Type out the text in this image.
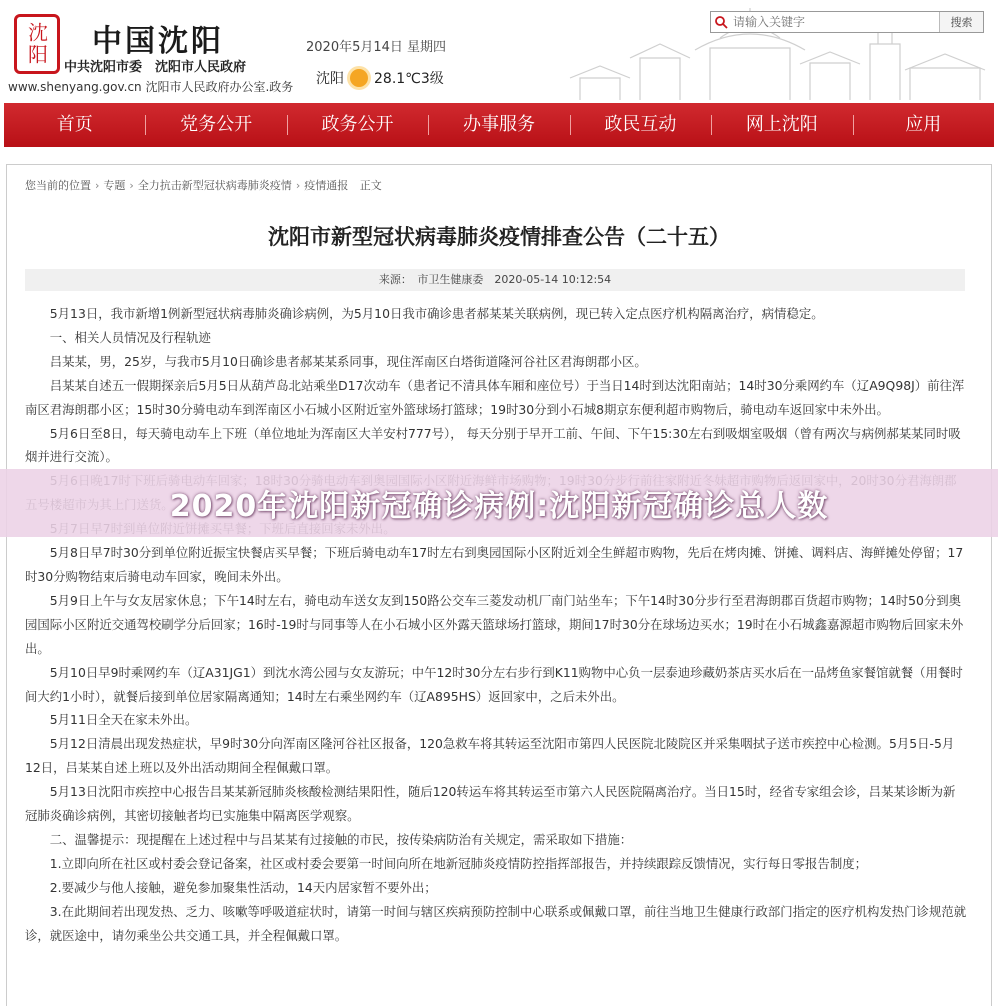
沈阳 中国沈阳
中共沈阳市委　沈阳市人民政府
www.shenyang.gov.cn 沈阳市人民政府办公室.政务
2020年5月14日 星期四
沈阳 28.1℃3级
请输入关键字
搜索
首页	党务公开	政务公开	办事服务	政民互动	网上沈阳	应用
您当前的位置 › 专题 › 全力抗击新型冠状病毒肺炎疫情 › 疫情通报 正文
沈阳市新型冠状病毒肺炎疫情排查公告（二十五）
来源：　市卫生健康委　2020-05-14 10:12:54

　　5月13日，我市新增1例新型冠状病毒肺炎确诊病例，为5月10日我市确诊患者郝某某关联病例，现已转入定点医疗机构隔离治疗，病情稳定。

　　一、相关人员情况及行程轨迹

　　吕某某，男，25岁，与我市5月10日确诊患者郝某某系同事，现住浑南区白塔街道隆河谷社区君海朗郡小区。

　　吕某某自述五一假期探亲后5月5日从葫芦岛北站乘坐D17次动车（患者记不清具体车厢和座位号）于当日14时到达沈阳南站；14时30分乘网约车（辽A9Q98J）前往浑南区君海朗郡小区；15时30分骑电动车到浑南区小石城小区附近室外篮球场打篮球；19时30分到小石城8期京东便利超市购物后，骑电动车返回家中未外出。

　　5月6日至8日，每天骑电动车上下班（单位地址为浑南区大羊安村777号）， 每天分别于早开工前、午间、下午15:30左右到吸烟室吸烟（曾有两次与病例郝某某同时吸烟并进行交流）。

　　5月8日早7时30分到单位附近振宝快餐店买早餐；下班后骑电动车17时左右到奥园国际小区附近刘全生鲜超市购物，先后在烤肉摊、饼摊、调料店、海鲜摊处停留；17时30分购物结束后骑电动车回家，晚间未外出。

　　5月9日上午与女友居家休息；下午14时左右，骑电动车送女友到150路公交车三菱发动机厂南门站坐车；下午14时30分步行至君海朗郡百货超市购物；14时50分到奥园国际小区附近交通驾校刷学分后回家；16时-19时与同事等人在小石城小区外露天篮球场打篮球，期间17时30分在球场边买水；19时在小石城鑫嘉源超市购物后回家未外出。

　　5月10日早9时乘网约车（辽A31JG1）到沈水湾公园与女友游玩；中午12时30分左右步行到K11购物中心负一层泰迪珍藏奶茶店买水后在一品烤鱼家餐馆就餐（用餐时间大约1小时），就餐后接到单位居家隔离通知；14时左右乘坐网约车（辽A895HS）返回家中，之后未外出。

　　5月11日全天在家未外出。

　　5月12日清晨出现发热症状，早9时30分向浑南区隆河谷社区报备，120急救车将其转运至沈阳市第四人民医院北陵院区并采集咽拭子送市疾控中心检测。5月5日-5月12日，吕某某自述上班以及外出活动期间全程佩戴口罩。

　　5月13日沈阳市疾控中心报告吕某某新冠肺炎核酸检测结果阳性，随后120转运车将其转运至市第六人民医院隔离治疗。当日15时，经省专家组会诊，吕某某诊断为新冠肺炎确诊病例，其密切接触者均已实施集中隔离医学观察。

　　二、温馨提示：现提醒在上述过程中与吕某某有过接触的市民，按传染病防治有关规定，需采取如下措施：

　　1.立即向所在社区或村委会登记备案，社区或村委会要第一时间向所在地新冠肺炎疫情防控指挥部报告，并持续跟踪反馈情况，实行每日零报告制度；

　　2.要减少与他人接触，避免参加聚集性活动，14天内居家暂不要外出；

　　3.在此期间若出现发热、乏力、咳嗽等呼吸道症状时，请第一时间与辖区疾病预防控制中心联系或佩戴口罩，前往当地卫生健康行政部门指定的医疗机构发热门诊规范就诊，就医途中，请勿乘坐公共交通工具，并全程佩戴口罩。

2020年沈阳新冠确诊病例:沈阳新冠确诊总人数
